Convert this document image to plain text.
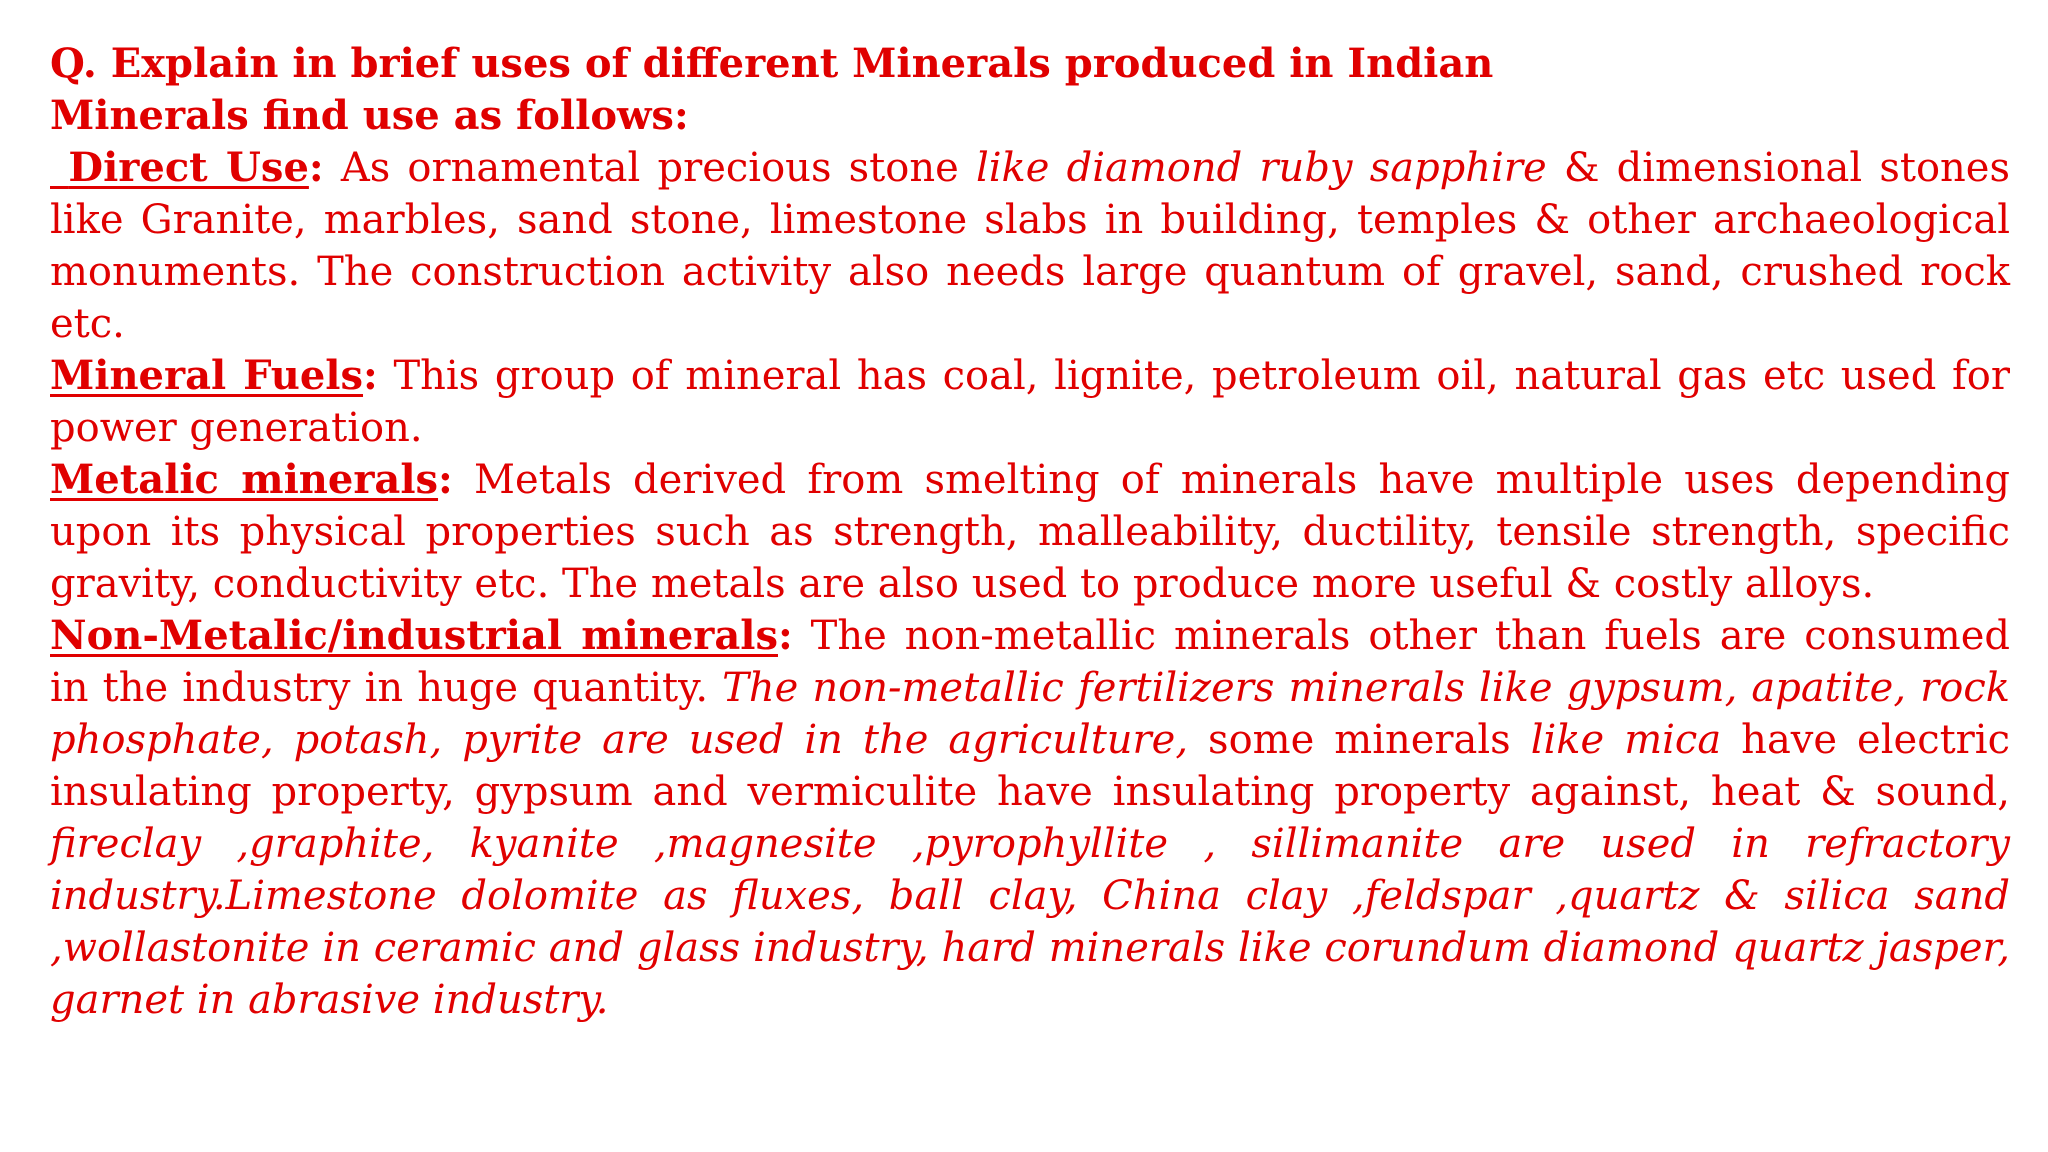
Q. Explain in brief uses of different Minerals produced in Indian

Minerals find use as follows:

Direct Use: As ornamental precious stone like diamond ruby sapphire & dimensional stones like Granite, marbles, sand stone, limestone slabs in building, temples & other archaeological monuments. The construction activity also needs large quantum of gravel, sand, crushed rock etc.

Mineral Fuels: This group of mineral has coal, lignite, petroleum oil, natural gas etc used for power generation.

Metalic minerals: Metals derived from smelting of minerals have multiple uses depending upon its physical properties such as strength, malleability, ductility, tensile strength, specific gravity, conductivity etc. The metals are also used to produce more useful & costly alloys.

Non-Metalic/industrial minerals: The non-metallic minerals other than fuels are consumed in the industry in huge quantity. The non-metallic fertilizers minerals like gypsum, apatite, rock phosphate, potash, pyrite are used in the agriculture, some minerals like mica have electric insulating property, gypsum and vermiculite have insulating property against, heat & sound, fireclay ,graphite, kyanite ,magnesite ,pyrophyllite , sillimanite are used in refractory industry.Limestone dolomite as fluxes, ball clay, China clay ,feldspar ,quartz & silica sand ,wollastonite in ceramic and glass industry, hard minerals like corundum diamond quartz jasper, garnet in abrasive industry.
